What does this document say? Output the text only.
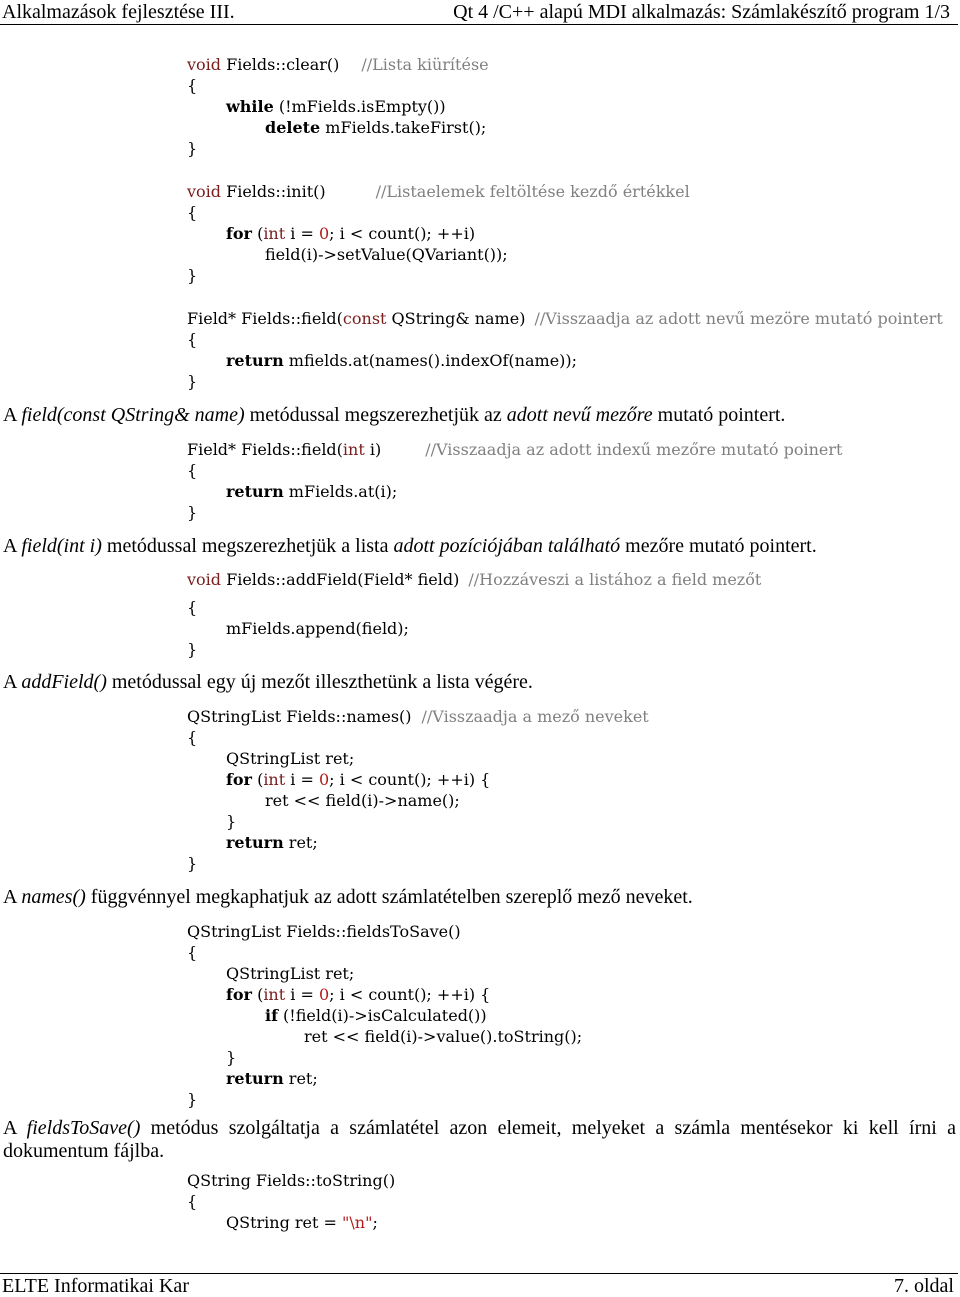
Alkalmazások fejlesztése III.	Qt 4 /C++ alapú MDI alkalmazás: Számlakészítő program 1/3
void Fields::clear() //Lista kiürítése
{
while (!mFields.isEmpty())
delete mFields.takeFirst();
}
void Fields::init()	//Listaelemek feltöltése kezdő értékkel
{
for (int i = 0; i < count(); ++i)
field(i)->setValue(QVariant());
}
Field* Fields::field(const QString& name) //Visszaadja az adott nevű mezöre mutató pointert
{
return mfields.at(names().indexOf(name));
}
A field(const QString& name) metódussal megszerezhetjük az adott nevű mezőre mutató pointert.
Field* Fields::field(int i)	//Visszaadja az adott indexű mezőre mutató poinert
{
return mFields.at(i);
}
A field(int i) metódussal megszerezhetjük a lista adott pozíciójában található mezőre mutató pointert.
void Fields::addField(Field* field) //Hozzáveszi a listához a field mezőt
{
mFields.append(field);
}
A addField() metódussal egy új mezőt illeszthetünk a lista végére.
QStringList Fields::names() //Visszaadja a mező neveket
{
QStringList ret;
for (int i = 0; i < count(); ++i) {
ret << field(i)->name();
}
return ret;
}
A names() függvénnyel megkaphatjuk az adott számlatételben szereplő mező neveket.
QStringList Fields::fieldsToSave()
{
QStringList ret;
for (int i = 0; i < count(); ++i) {
if (!field(i)->isCalculated())
ret << field(i)->value().toString();
}
return ret;
}
A fieldsToSave() metódus szolgáltatja a számlatétel azon elemeit, melyeket a számla mentésekor ki kell írni a dokumentum fájlba.
QString Fields::toString()
{
QString ret = "\n";
ELTE Informatikai Kar	7. oldal
